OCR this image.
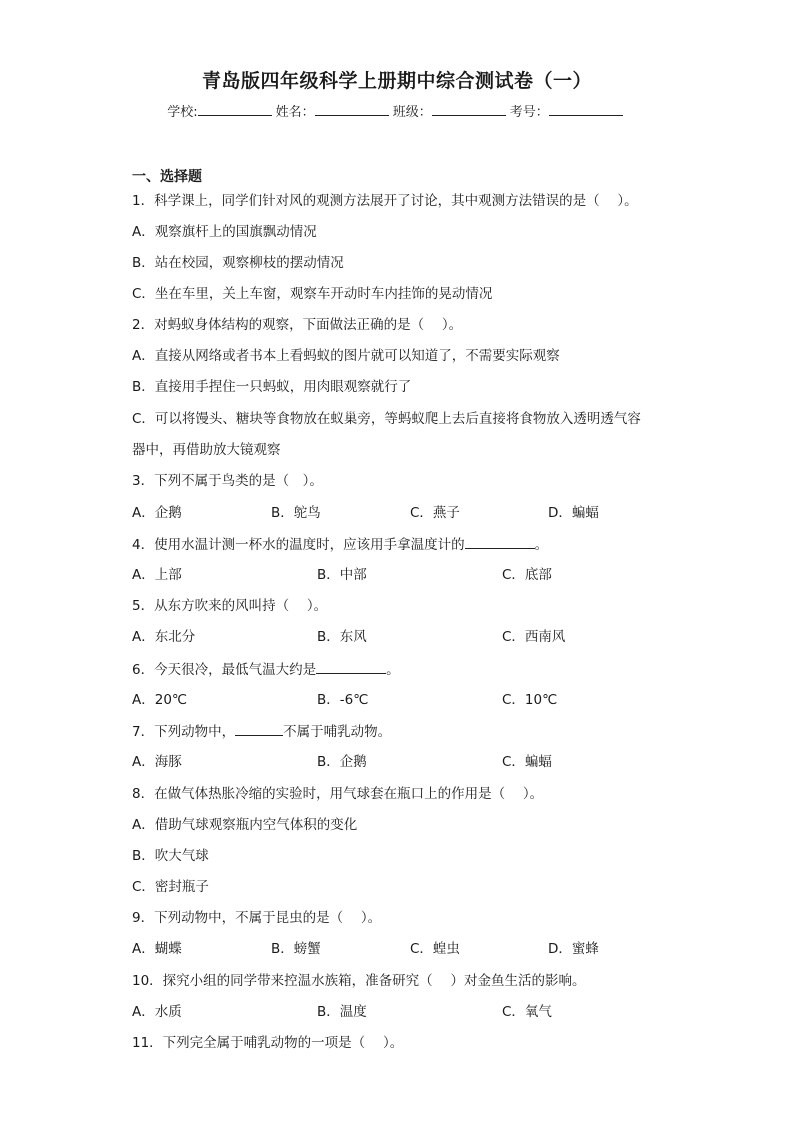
青岛版四年级科学上册期中综合测试卷（一）
学校:	姓名：	班级：	考号：
一、选择题
1．科学课上，同学们针对风的观测方法展开了讨论，其中观测方法错误的是（　 ）。
A．观察旗杆上的国旗飘动情况
B．站在校园，观察柳枝的摆动情况
C．坐在车里，关上车窗，观察车开动时车内挂饰的晃动情况
2．对蚂蚁身体结构的观察，下面做法正确的是（　 ）。
A．直接从网络或者书本上看蚂蚁的图片就可以知道了，不需要实际观察
B．直接用手捏住一只蚂蚁，用肉眼观察就行了
C．可以将馒头、糖块等食物放在蚁巢旁，等蚂蚁爬上去后直接将食物放入透明透气容
器中，再借助放大镜观察
3．下列不属于鸟类的是（　）。
A．企鹅	B．鸵鸟	C．燕子	D．蝙蝠
4．使用水温计测一杯水的温度时，应该用手拿温度计的	。
A．上部	B．中部	C．底部
5．从东方吹来的风叫持（　 ）。
A．东北分	B．东风	C．西南风
6．今天很冷，最低气温大约是	。
A．20℃	B．-6℃	C．10℃
7．下列动物中，	不属于哺乳动物。
A．海豚	B．企鹅	C．蝙蝠
8．在做气体热胀冷缩的实验时，用气球套在瓶口上的作用是（　 ）。
A．借助气球观察瓶内空气体积的变化
B．吹大气球
C．密封瓶子
9．下列动物中，不属于昆虫的是（　 ）。
A．蝴蝶	B．螃蟹	C．蝗虫	D．蜜蜂
10．探究小组的同学带来控温水族箱，准备研究（　 ）对金鱼生活的影响。
A．水质	B．温度	C．氧气
11．下列完全属于哺乳动物的一项是（　 ）。
